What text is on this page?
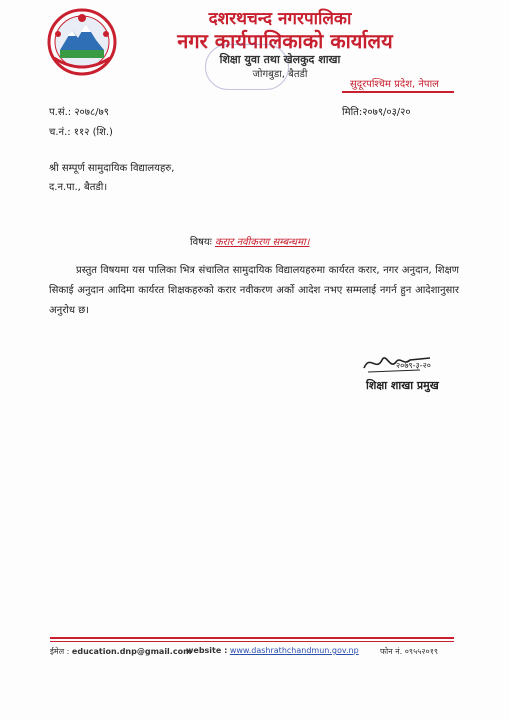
दशरथचन्द नगरपालिका
नगर कार्यपालिकाको कार्यालय
शिक्षा युवा तथा खेलकुद शाखा
जोगबुडा, बैतडी
सुदूरपश्चिम प्रदेश, नेपाल
प.सं.: २०७८/७९	मिति:२०७९/०३/२०
च.नं.: ११२ (शि.)
श्री सम्पूर्ण सामुदायिक विद्यालयहरु,
द.न.पा., बैतडी।
विषयः करार नवीकरण सम्बन्धमा।
प्रस्तुत विषयमा यस पालिका भित्र संचालित सामुदायिक विद्यालयहरुमा कार्यरत करार, नगर अनुदान, शिक्षण सिकाई अनुदान आदिमा कार्यरत शिक्षकहरुको करार नवीकरण अर्को आदेश नभए सम्मलाई नगर्न हुन आदेशानुसार अनुरोध छ।
२०७९-३-२०
शिक्षा शाखा प्रमुख
ईमेल : education.dnp@gmail.com
website : www.dashrathchandmun.gov.np	फोन नं. ०९५५२०१९
